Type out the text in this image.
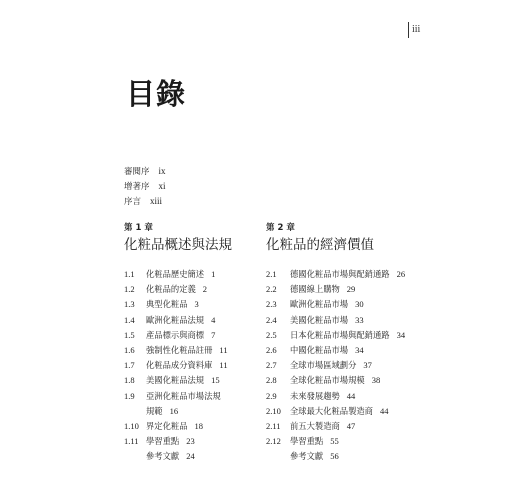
iii
目錄
審閱序 ix
增著序 xi
序言 xiii
第 1 章
化粧品概述與法規
1.1	化粧品歷史簡述 1
1.2	化粧品的定義 2
1.3	典型化粧品 3
1.4	歐洲化粧品法規 4
1.5	產品標示與商標 7
1.6	強制性化粧品註冊 11
1.7	化粧品成分資料庫 11
1.8	美國化粧品法規 15
1.9	亞洲化粧品市場法規
規範 16
1.10 界定化粧品 18
1.11 學習重點 23
參考文獻 24
第 2 章
化粧品的經濟價值
2.1	德國化粧品市場與配銷通路 26
2.2	德國線上購物 29
2.3	歐洲化粧品市場 30
2.4	美國化粧品市場 33
2.5	日本化粧品市場與配銷通路 34
2.6	中國化粧品市場 34
2.7	全球市場區域劃分 37
2.8	全球化粧品市場規模 38
2.9	未來發展趨勢 44
2.10	全球最大化粧品製造商 44
2.11	前五大製造商 47
2.12	學習重點 55
參考文獻 56
